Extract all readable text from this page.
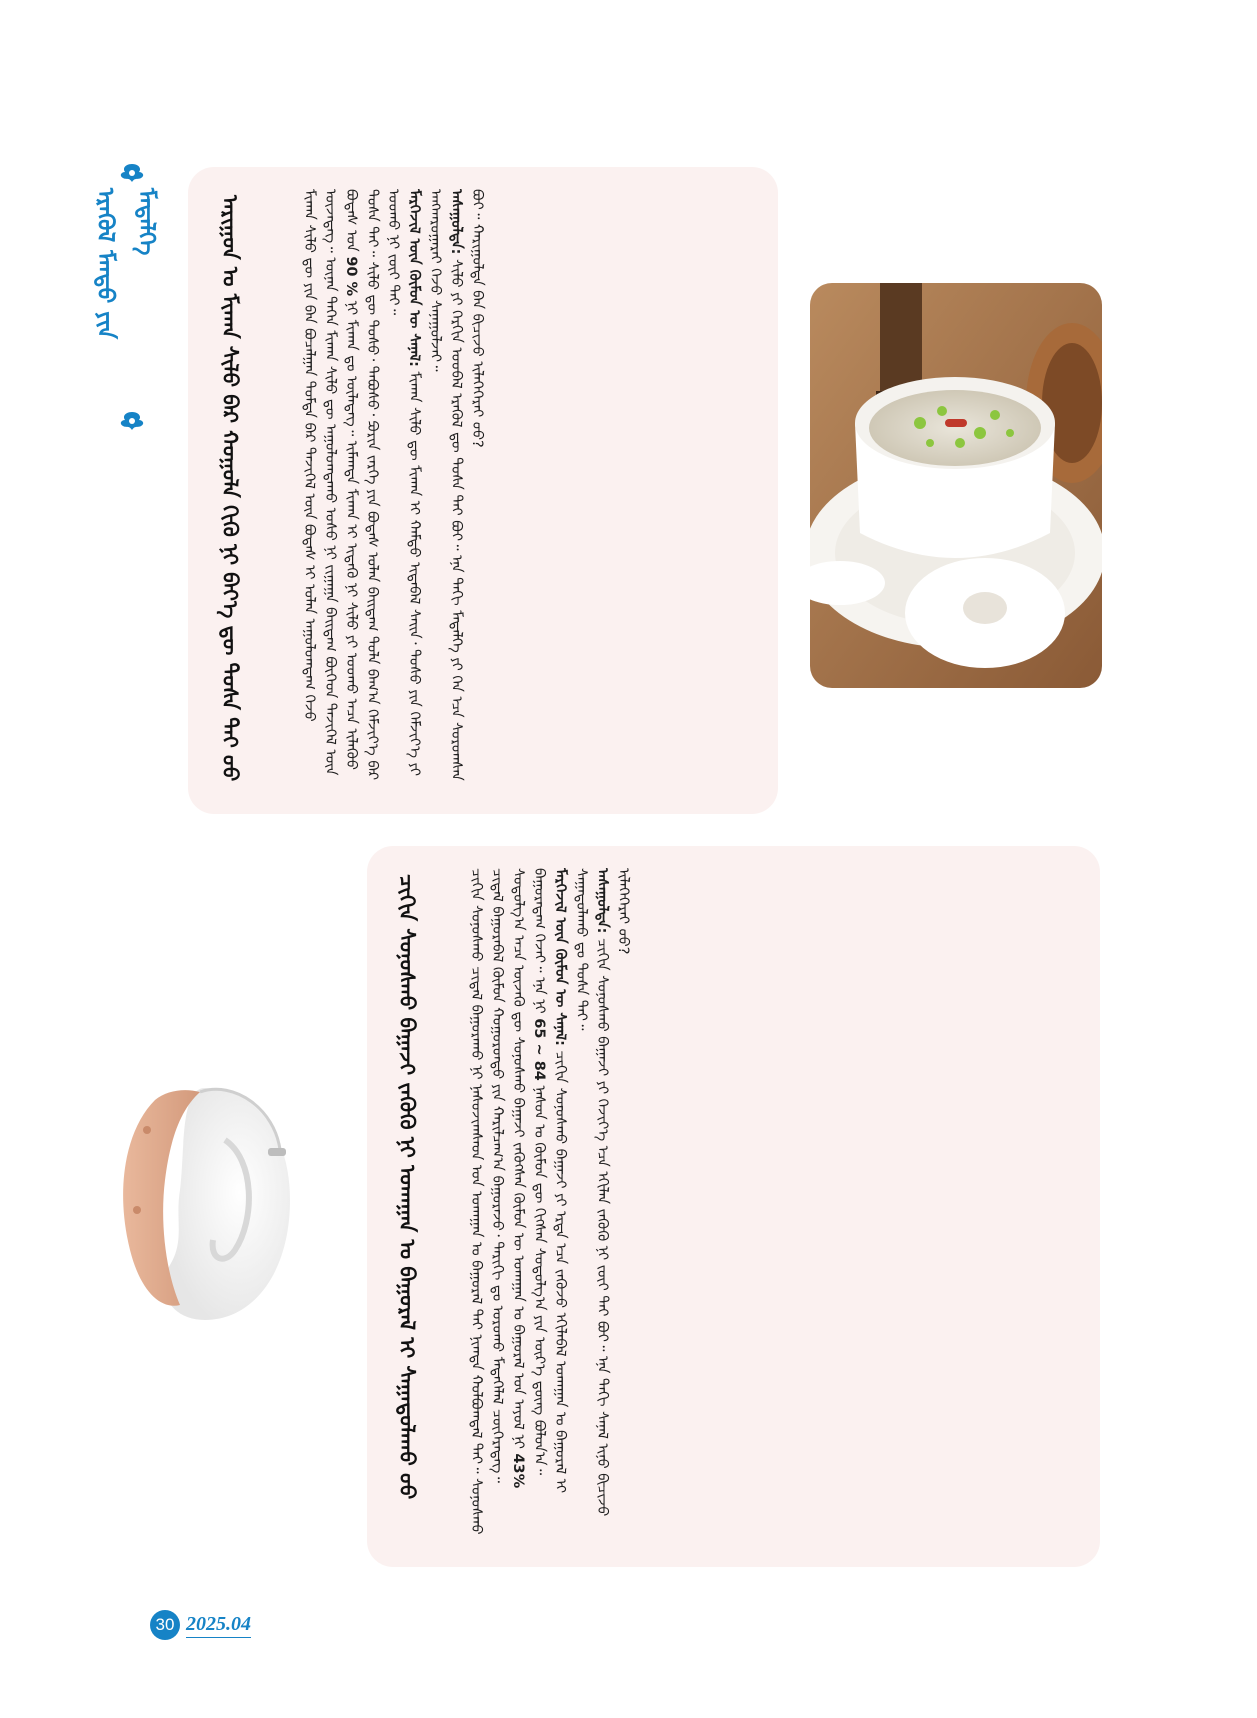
ᠡᠷᠡᠭᠦᠯ ᠮᠡᠨᠳᠦ ᠶᠢᠨ ᠮᠡᠳᠡᠯᠭᠡ	ᠠᠷᠢᠭᠤᠨ ᠤ ᠮᠢᠬᠠᠨ ᠰᠢᠯᠦ ᠪᠠᠷ ᠬᠣᠭᠣᠯᠠ ᠬᠢᠬᠦ ᠨᠢ ᠪᠡᠶ᠎ᠡ ᠳᠦ ᠲᠤᠰᠠ ᠲᠠᠢ ᠦᠦ	ᠮᠢᠬᠠᠨ ᠰᠢᠯᠦ ᠳᠦ ᠶᠢᠨ ᠪᠠᠨ ᠪᠤᠴᠠᠯᠭᠠᠨ ᠳᠤᠮᠳᠠ ᠪᠠᠷ ᠲᠡᠵᠢᠭᠡᠯ ᠦᠨ ᠪᠣᠳᠠᠰ ᠢ ᠣᠯᠠᠨ ᠠᠭᠤᠯᠤᠭᠳᠠᠭ ᠭᠡᠵᠦ ᠦᠵᠡᠳᠡᠭ᠃ ᠦᠨᠡᠨ ᠳᠡᠭᠡᠨ ᠮᠢᠬᠠᠨ ᠰᠢᠯᠦ ᠳᠦ ᠠᠭᠤᠯᠤᠭᠳᠠᠬᠤ ᠤᠰᠤ ᠨᠢ ᠵᠢᠭᠠᠭᠠ ᠪᠠᠢᠳᠠᠭ ᠪᠥᠭᠡᠳ ᠲᠡᠵᠢᠭᠡᠯ ᠦᠨ ᠪᠣᠳᠠᠰ ᠤᠨ 90 % ᠨᠢ ᠮᠢᠬᠠᠨ ᠳᠤ ᠦᠯᠡᠳᠡᠭ᠃ ᠢᠮᠠᠭᠲᠠ ᠮᠢᠬᠠᠨ ᠢ ᠢᠳᠡᠬᠦ ᠨᠢ ᠰᠢᠯᠦ ᠶᠢ ᠤᠤᠬᠤ ᠠᠴᠠ ᠢᠯᠡᠭᠦᠦ ᠲᠤᠰᠠ ᠲᠠᠢ᠃ ᠰᠢᠯᠦ ᠳᠦ ᠲᠣᠰᠤ᠂ ᠳᠠᠪᠤᠰᠤ᠂ ᠫᠤᠷᠢᠨ ᠵᠡᠷᠭᠡ ᠶᠢᠨ ᠪᠣᠳᠠᠰ ᠣᠯᠠᠨ ᠪᠠᠢᠳᠠᠭ ᠲᠤᠯᠠ ᠪᠠᠭ᠎ᠠ ᠬᠡᠮᠵᠢᠶ᠎ᠡ ᠪᠡᠷ ᠤᠤᠬᠤ ᠨᠢ ᠵᠦᠢ ᠲᠡᠢ᠃ ᠮᠡᠷᠭᠡᠵᠢᠯ ᠦᠨ ᠬᠦᠮᠦᠨ ᠦ ᠰᠠᠨᠠᠯ: ᠮᠢᠬᠠᠨ ᠰᠢᠯᠦ ᠳᠦ ᠮᠢᠬᠠᠨ ᠢ ᠬᠠᠮᠲᠤ ᠢᠳᠡᠪᠡᠯ ᠰᠠᠢᠨ᠂ ᠲᠣᠰᠤ ᠶᠢᠨ ᠬᠡᠮᠵᠢᠶ᠎ᠡ ᠶᠢ ᠠᠩᠬᠠᠷᠤᠭᠠᠷᠠᠢ ᠭᠡᠵᠦ ᠰᠠᠨᠠᠭᠤᠯᠵᠠᠢ᠃ ᠠᠰᠠᠭᠤᠯᠲᠠ: ᠰᠢᠯᠦ ᠶᠢ ᠬᠡᠷᠬᠢᠨ ᠤᠤᠪᠠᠯ ᠡᠷᠡᠭᠦᠯ ᠳᠦ ᠲᠤᠰᠠ ᠲᠠᠢ ᠪᠣᠢ᠃ ᠡᠨᠡ ᠲᠠᠬᠢ ᠮᠡᠳᠡᠯᠭᠡ ᠶᠢ ᠬᠡᠨ ᠡᠴᠡ ᠰᠤᠷᠤᠭᠰᠠᠨ ᠪᠤᠢ᠃ ᠬᠠᠷᠢᠭᠤᠯᠲᠠ ᠪᠡᠨ ᠪᠢᠴᠢᠵᠦ ᠢᠯᠡᠭᠡᠭᠡᠷᠡᠢ ᠦᠦ?
ᠴᠢᠬᠢᠨ ᠰᠣᠨᠣᠰᠬᠤ ᠪᠠᠭᠠᠵᠢ ᠵᠡᠭᠦᠬᠦ ᠨᠢ ᠤᠬᠠᠭᠠᠨ ᠤ ᠪᠠᠭᠤᠷᠠᠯ ᠢ ᠰᠠᠭᠠᠲᠤᠯᠠᠬᠤ ᠦᠦ	ᠴᠢᠬᠢᠨ ᠰᠣᠨᠣᠰᠬᠤ ᠴᠢᠳᠠᠯ ᠪᠠᠭᠤᠷᠠᠬᠤ ᠨᠢ ᠨᠠᠰᠤᠵᠢᠭᠰᠠᠳ ᠤᠨ ᠤᠬᠠᠭᠠᠨ ᠤ ᠪᠠᠭᠤᠷᠠᠯ ᠲᠠᠢ ᠨᠢᠭᠲᠠ ᠬᠣᠯᠪᠣᠭᠳᠠᠯ ᠲᠠᠢ᠃ ᠰᠣᠨᠣᠰᠬᠤ ᠴᠢᠳᠠᠯ ᠪᠠᠭᠤᠷᠠᠪᠠᠯ ᠬᠦᠮᠦᠨ ᠬᠣᠭᠣᠷᠣᠨᠳᠣ ᠶᠢᠨ ᠬᠠᠷᠢᠯᠴᠠᠭ᠎ᠠ ᠪᠠᠭᠤᠷᠠᠵᠤ᠂ ᠲᠠᠷᠢᠬᠢ ᠳᠤ ᠣᠷᠣᠬᠤ ᠮᠡᠳᠡᠭᠡᠯᠡᠯ ᠴᠥᠭᠡᠷᠡᠳᠡᠭ᠃ ᠰᠤᠳᠤᠯᠭ᠎ᠠ ᠠᠴᠠ ᠦᠵᠡᠬᠦ ᠳᠦ ᠰᠣᠨᠣᠰᠬᠤ ᠪᠠᠭᠠᠵᠢ ᠵᠡᠭᠦᠭᠰᠡᠨ ᠬᠦᠮᠦᠨ ᠦ ᠤᠬᠠᠭᠠᠨ ᠤ ᠪᠠᠭᠤᠷᠠᠯ ᠤᠨ ᠠᠶᠤᠯ ᠨᠢ 43% ᠪᠠᠭᠤᠷᠠᠳᠠᠭ ᠭᠡᠵᠡᠢ᠃ ᠡᠨᠡ ᠨᠢ 65 ~ 84 ᠨᠠᠰᠤᠨ ᠤ ᠬᠦᠮᠦᠨ ᠳᠦ ᠬᠢᠭᠰᠡᠨ ᠰᠤᠳᠤᠯᠭ᠎ᠠ ᠶᠢᠨ ᠦᠷ᠎ᠡ ᠳ᠋ᠦᠩ ᠪᠣᠯᠤᠨ᠎ᠠ᠃
ᠮᠡᠷᠭᠡᠵᠢᠯ ᠦᠨ ᠬᠦᠮᠦᠨ ᠦ ᠰᠠᠨᠠᠯ: ᠴᠢᠬᠢᠨ ᠰᠣᠨᠣᠰᠬᠤ ᠪᠠᠭᠠᠵᠢ ᠶᠢ ᠡᠷᠲᠡ ᠡᠴᠡ ᠵᠡᠭᠦᠵᠦ ᠡᠬᠢᠯᠡᠪᠡᠯ ᠤᠬᠠᠭᠠᠨ ᠤ ᠪᠠᠭᠤᠷᠠᠯ ᠢ ᠰᠠᠭᠠᠲᠤᠯᠠᠬᠤ ᠳᠤ ᠲᠤᠰᠠ ᠲᠠᠢ᠃ ᠠᠰᠠᠭᠤᠯᠲᠠ: ᠴᠢᠬᠢᠨ ᠰᠣᠨᠣᠰᠬᠤ ᠪᠠᠭᠠᠵᠢ ᠶᠢ ᠬᠡᠵᠢᠶ᠎ᠡ ᠡᠴᠡ ᠡᠬᠢᠯᠡᠨ ᠵᠡᠭᠦᠬᠦ ᠨᠢ ᠵᠦᠢ ᠲᠡᠢ ᠪᠤᠢ᠃ ᠡᠨᠡ ᠲᠠᠬᠢ ᠰᠠᠨᠠᠯ ᠢᠨᠦ ᠪᠢᠴᠢᠵᠦ ᠢᠯᠡᠭᠡᠭᠡᠷᠡᠢ ᠦᠦ?
30 2025.04
